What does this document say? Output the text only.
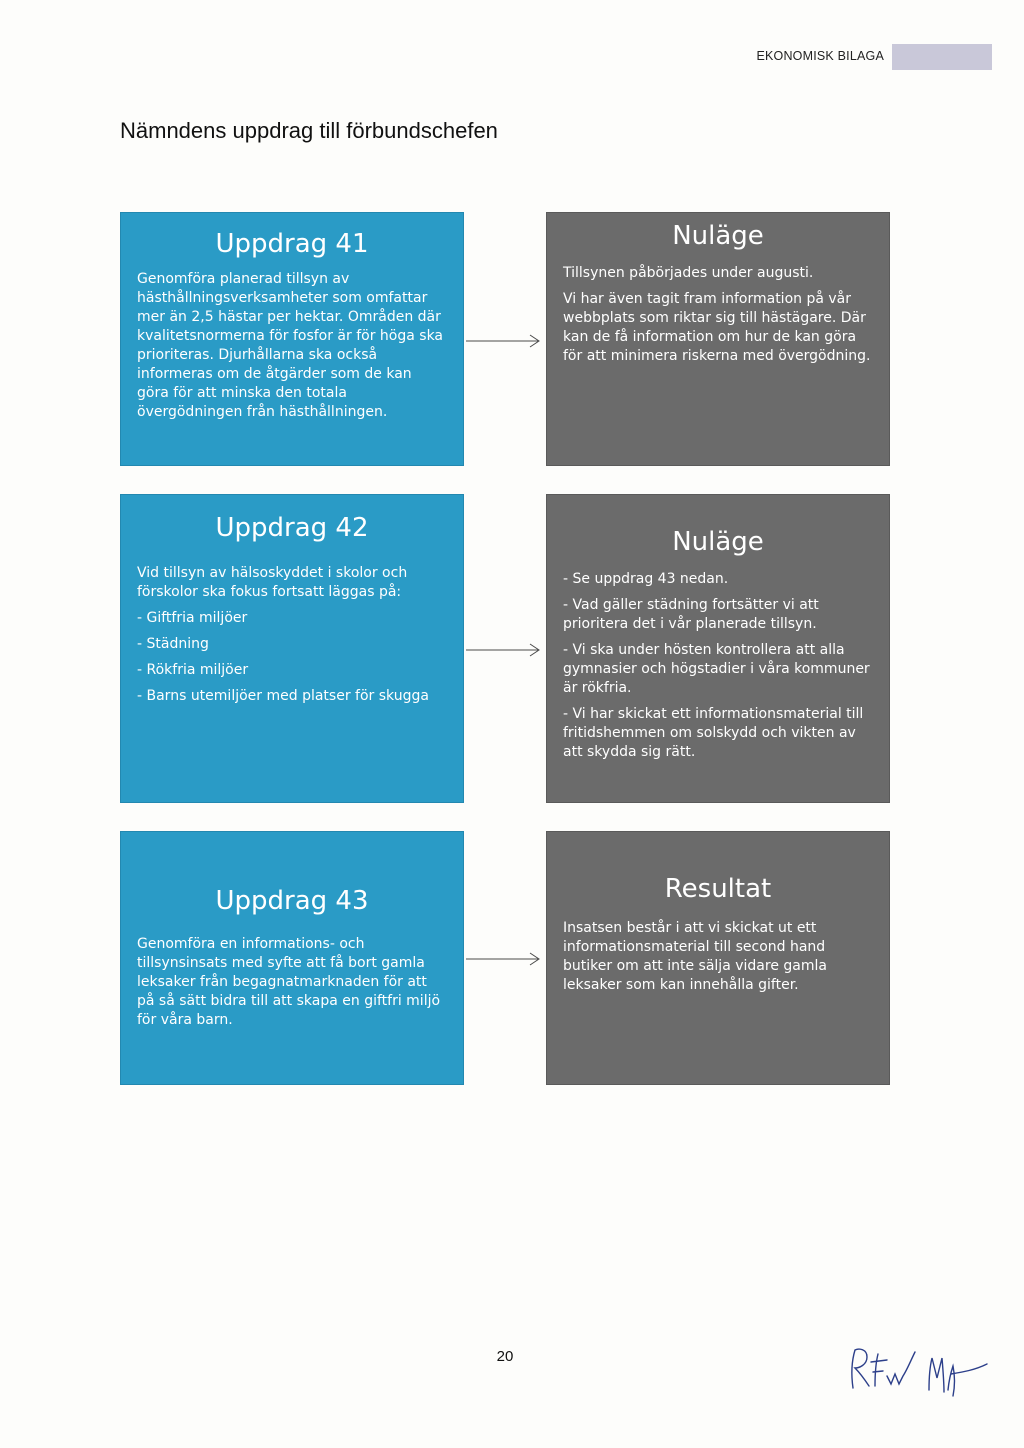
EKONOMISK BILAGA
Nämndens uppdrag till förbundschefen
Uppdrag 41

Genomföra planerad tillsyn av hästhållningsverksamheter som omfattar mer än 2,5 hästar per hektar. Områden där kvalitetsnormerna för fosfor är för höga ska prioriteras. Djurhållarna ska också informeras om de åtgärder som de kan göra för att minska den totala övergödningen från hästhållningen.

Nuläge

Tillsynen påbörjades under augusti.

Vi har även tagit fram information på vår webbplats som riktar sig till hästägare. Där kan de få information om hur de kan göra för att minimera riskerna med övergödning.

Uppdrag 42

Vid tillsyn av hälsoskyddet i skolor och förskolor ska fokus fortsatt läggas på:

- Giftfria miljöer

- Städning

- Rökfria miljöer

- Barns utemiljöer med platser för skugga

Nuläge

- Se uppdrag 43 nedan.

- Vad gäller städning fortsätter vi att prioritera det i vår planerade tillsyn.

- Vi ska under hösten kontrollera att alla gymnasier och högstadier i våra kommuner är rökfria.

- Vi har skickat ett informationsmaterial till fritidshemmen om solskydd och vikten av att skydda sig rätt.

Uppdrag 43

Genomföra en informations- och tillsynsinsats med syfte att få bort gamla leksaker från begagnatmarknaden för att på så sätt bidra till att skapa en giftfri miljö för våra barn.

Resultat

Insatsen består i att vi skickat ut ett informationsmaterial till second hand butiker om att inte sälja vidare gamla leksaker som kan innehålla gifter.

20
